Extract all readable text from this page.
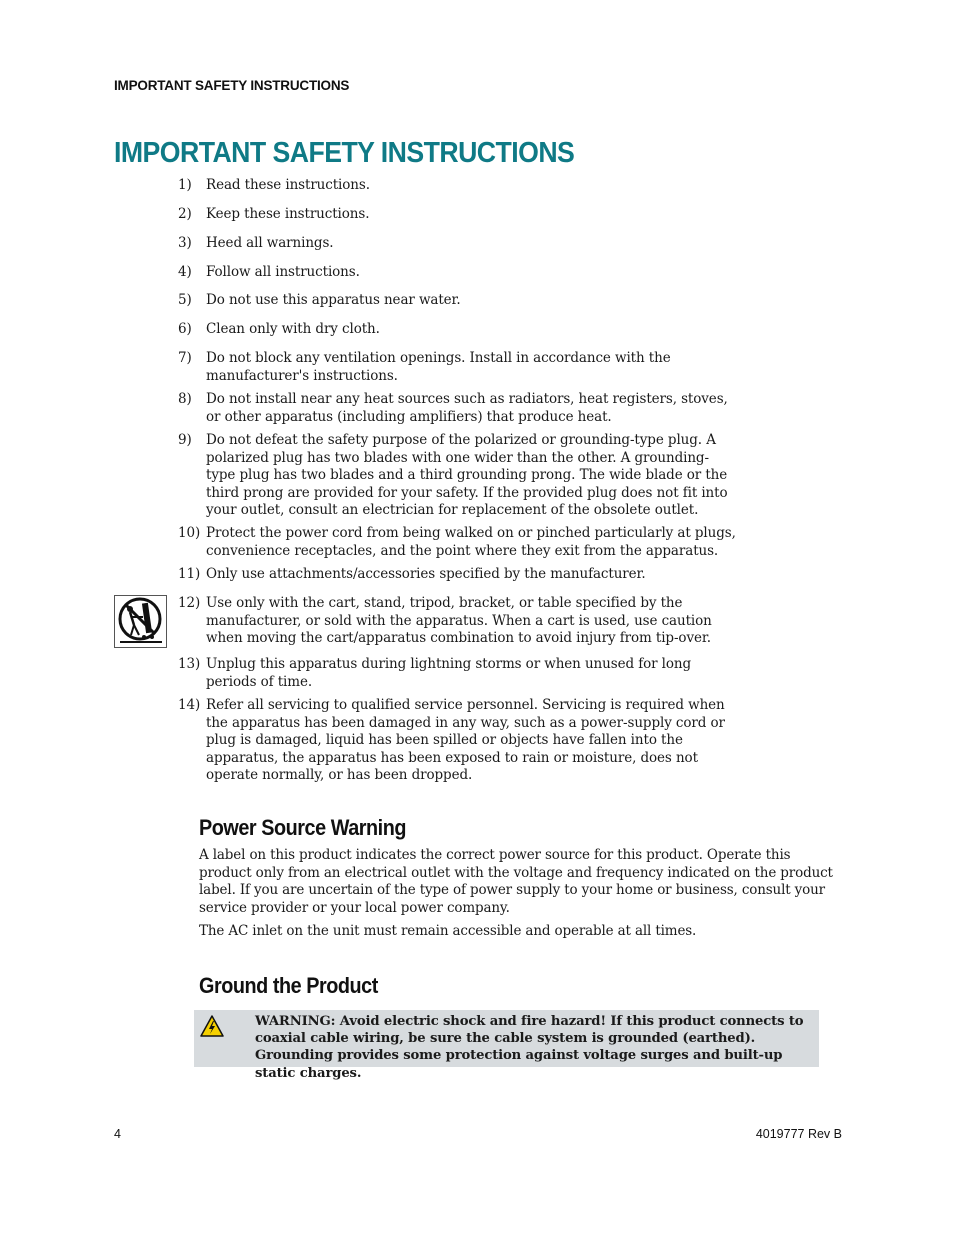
IMPORTANT SAFETY INSTRUCTIONS
IMPORTANT SAFETY INSTRUCTIONS
1) Read these instructions.
2) Keep these instructions.
3) Heed all warnings.
4) Follow all instructions.
5) Do not use this apparatus near water.
6) Clean only with dry cloth.
7) Do not block any ventilation openings. Install in accordance with the manufacturer's instructions.
8) Do not install near any heat sources such as radiators, heat registers, stoves, or other apparatus (including amplifiers) that produce heat.
9) Do not defeat the safety purpose of the polarized or grounding-type plug. A polarized plug has two blades with one wider than the other. A grounding-type plug has two blades and a third grounding prong. The wide blade or the third prong are provided for your safety. If the provided plug does not fit into your outlet, consult an electrician for replacement of the obsolete outlet.
10) Protect the power cord from being walked on or pinched particularly at plugs, convenience receptacles, and the point where they exit from the apparatus.
11) Only use attachments/accessories specified by the manufacturer.
12) Use only with the cart, stand, tripod, bracket, or table specified by the manufacturer, or sold with the apparatus. When a cart is used, use caution when moving the cart/apparatus combination to avoid injury from tip-over.
13) Unplug this apparatus during lightning storms or when unused for long periods of time.
14) Refer all servicing to qualified service personnel. Servicing is required when the apparatus has been damaged in any way, such as a power-supply cord or plug is damaged, liquid has been spilled or objects have fallen into the apparatus, the apparatus has been exposed to rain or moisture, does not operate normally, or has been dropped.
Power Source Warning

A label on this product indicates the correct power source for this product. Operate this product only from an electrical outlet with the voltage and frequency indicated on the product label. If you are uncertain of the type of power supply to your home or business, consult your service provider or your local power company.

The AC inlet on the unit must remain accessible and operable at all times.

Ground the Product
WARNING: Avoid electric shock and fire hazard! If this product connects to coaxial cable wiring, be sure the cable system is grounded (earthed). Grounding provides some protection against voltage surges and built-up static charges.
4	4019777 Rev B
